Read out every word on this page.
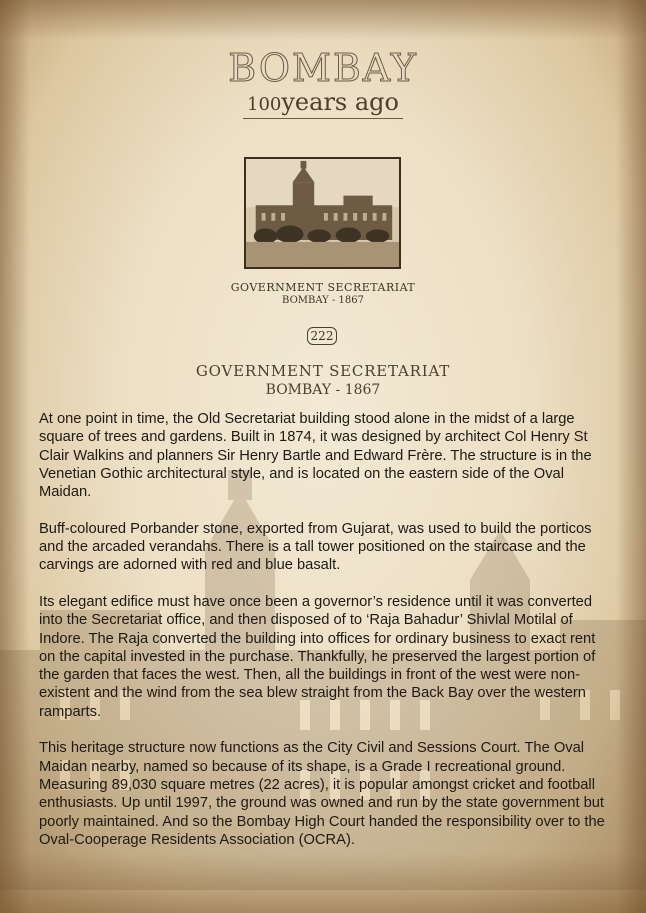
BOMBAY
100years ago
GOVERNMENT SECRETARIAT
BOMBAY - 1867
222
GOVERNMENT SECRETARIAT
BOMBAY - 1867

At one point in time, the Old Secretariat building stood alone in the midst of a large square of trees and gardens. Built in 1874, it was designed by architect Col Henry St Clair Walkins and planners Sir Henry Bartle and Edward Frère. The structure is in the Venetian Gothic architectural style, and is located on the eastern side of the Oval Maidan.

Buff-coloured Porbander stone, exported from Gujarat, was used to build the porticos and the arcaded verandahs. There is a tall tower positioned on the staircase and the carvings are adorned with red and blue basalt.

Its elegant edifice must have once been a governor’s residence until it was converted into the Secretariat office, and then disposed of to ‘Raja Bahadur’ Shivlal Motilal of Indore. The Raja converted the building into offices for ordinary business to exact rent on the capital invested in the purchase. Thankfully, he preserved the largest portion of the garden that faces the west. Then, all the buildings in front of the west were non-existent and the wind from the sea blew straight from the Back Bay over the western ramparts.

This heritage structure now functions as the City Civil and Sessions Court. The Oval Maidan nearby, named so because of its shape, is a Grade I recreational ground. Measuring 89,030 square metres (22 acres), it is popular amongst cricket and football enthusiasts. Up until 1997, the ground was owned and run by the state government but poorly maintained. And so the Bombay High Court handed the responsibility over to the Oval-Cooperage Residents Association (OCRA).
